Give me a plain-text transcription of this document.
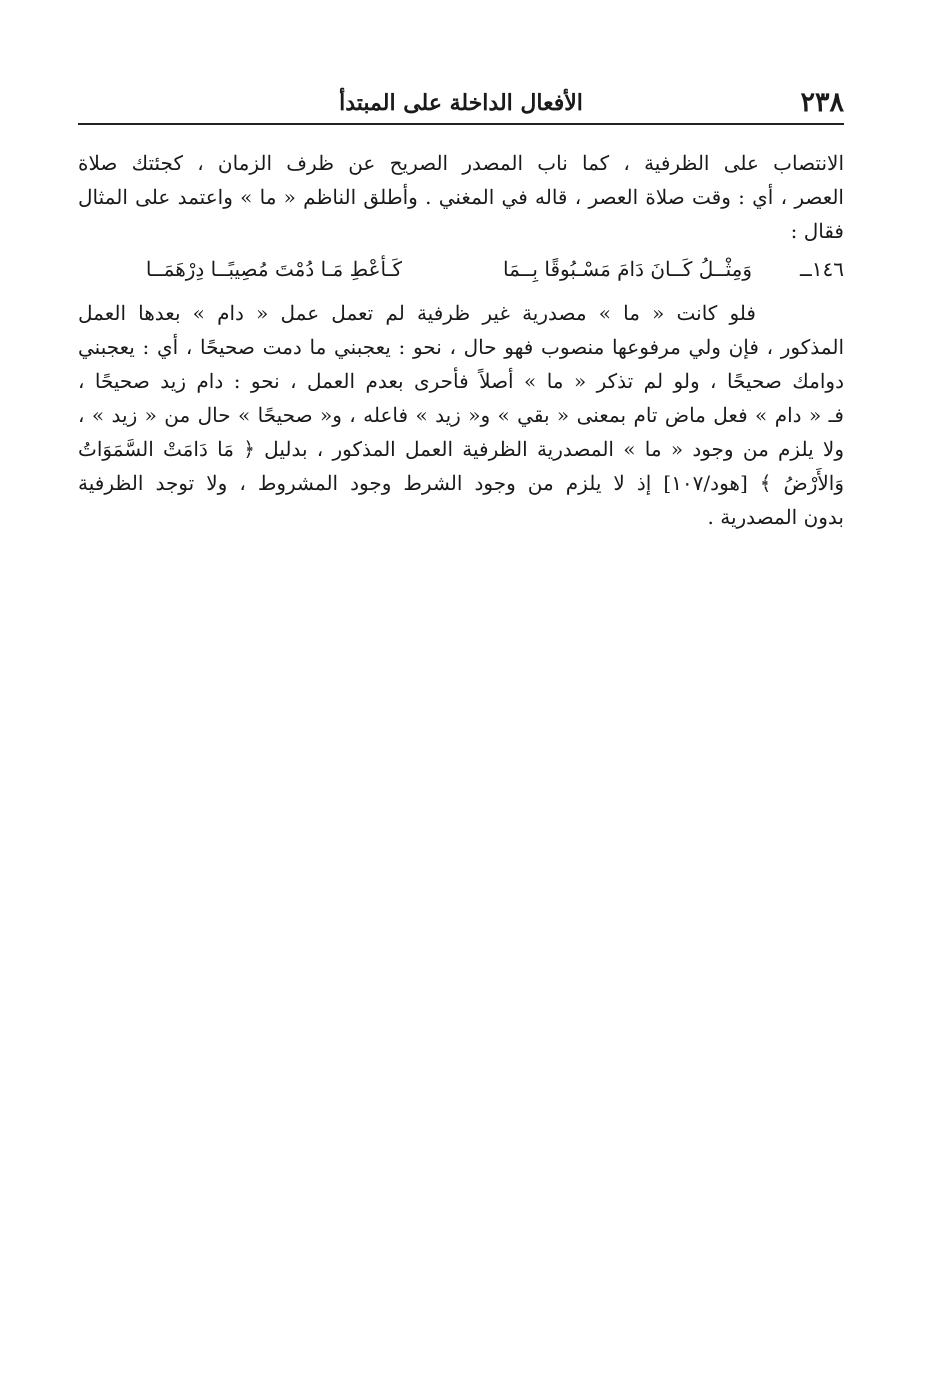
٢٣٨
الأفعال الداخلة على المبتدأ
الانتصاب على الظرفية ، كما ناب المصدر الصريح عن ظرف الزمان ، كجئتك صلاة
العصر ، أي : وقت صلاة العصر ، قاله في المغني . وأطلق الناظم « ما » واعتمد على المثال
فقال :
١٤٦ــ
وَمِثْــلُ كَــانَ دَامَ مَسْـبُوقًا بِــمَا
كَـأعْطِ مَـا دُمْتَ مُصِيبًــا دِرْهَمَــا
فلو كانت « ما » مصدرية غير ظرفية لم تعمل عمل « دام » بعدها العمل
المذكور ، فإن ولي مرفوعها منصوب فهو حال ، نحو : يعجبني ما دمت صحيحًا ، أي : يعجبني
دوامك صحيحًا ، ولو لم تذكر « ما » أصلاً فأحرى بعدم العمل ، نحو : دام زيد صحيحًا ،
فـ « دام » فعل ماض تام بمعنى « بقي » و« زيد » فاعله ، و« صحيحًا » حال من « زيد » ،
ولا يلزم من وجود « ما » المصدرية الظرفية العمل المذكور ، بدليل ﴿ مَا دَامَتْ السَّمَوَاتُ
وَالأَرْضُ ﴾ [هود/١٠٧] إذ لا يلزم من وجود الشرط وجود المشروط ، ولا توجد الظرفية
بدون المصدرية .
